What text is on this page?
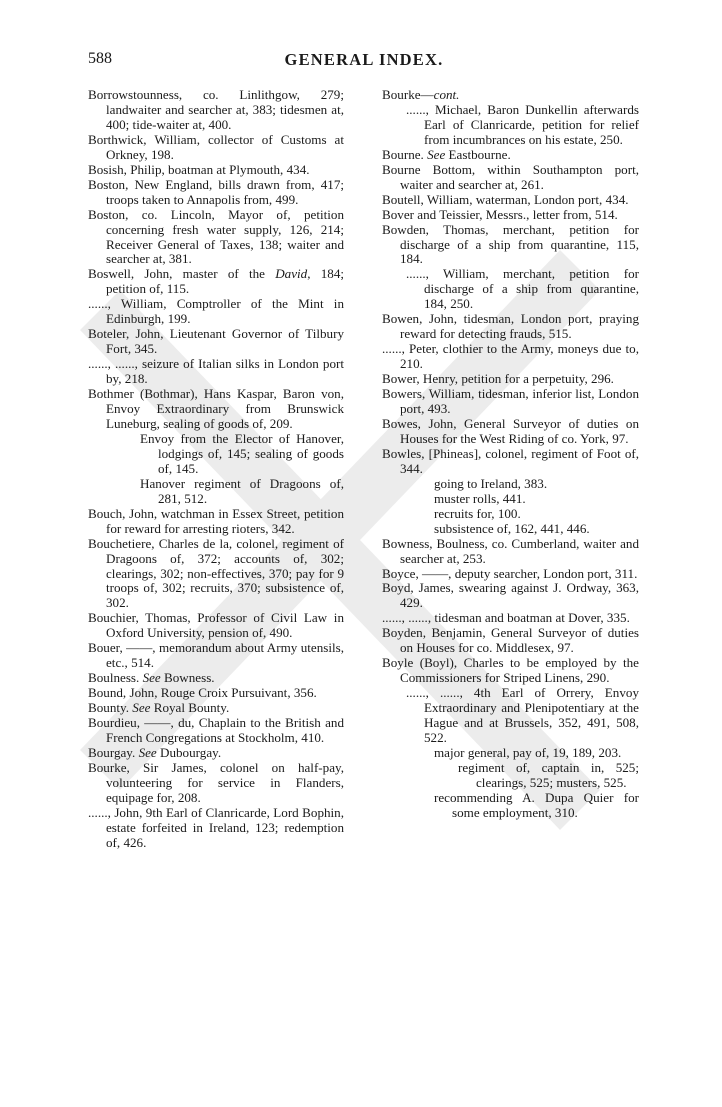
588	GENERAL INDEX.
Borrowstounness, co. Linlithgow, 279; landwaiter and searcher at, 383; tidesmen at, 400; tide-waiter at, 400.
Borthwick, William, collector of Customs at Orkney, 198.
Bosish, Philip, boatman at Plymouth, 434.
Boston, New England, bills drawn from, 417; troops taken to Annapolis from, 499.
Boston, co. Lincoln, Mayor of, petition concerning fresh water supply, 126, 214; Receiver General of Taxes, 138; waiter and searcher at, 381.
Boswell, John, master of the David, 184; petition of, 115.
......, William, Comptroller of the Mint in Edinburgh, 199.
Boteler, John, Lieutenant Governor of Tilbury Fort, 345.
......, ......, seizure of Italian silks in London port by, 218.
Bothmer (Bothmar), Hans Kaspar, Baron von, Envoy Extraordinary from Brunswick Luneburg, sealing of goods of, 209.
Envoy from the Elector of Hanover, lodgings of, 145; sealing of goods of, 145.
Hanover regiment of Dragoons of, 281, 512.
Bouch, John, watchman in Essex Street, petition for reward for arresting rioters, 342.
Bouchetiere, Charles de la, colonel, regiment of Dragoons of, 372; accounts of, 302; clearings, 302; non-effectives, 370; pay for 9 troops of, 302; recruits, 370; subsistence of, 302.
Bouchier, Thomas, Professor of Civil Law in Oxford University, pension of, 490.
Bouer, ——, memorandum about Army utensils, etc., 514.
Boulness. See Bowness.
Bound, John, Rouge Croix Pursuivant, 356.
Bounty. See Royal Bounty.
Bourdieu, ——, du, Chaplain to the British and French Congregations at Stockholm, 410.
Bourgay. See Dubourgay.
Bourke, Sir James, colonel on half-pay, volunteering for service in Flanders, equipage for, 208.
......, John, 9th Earl of Clanricarde, Lord Bophin, estate forfeited in Ireland, 123; redemption of, 426.
Bourke—cont.
......, Michael, Baron Dunkellin afterwards Earl of Clanricarde, petition for relief from incumbrances on his estate, 250.
Bourne. See Eastbourne.
Bourne Bottom, within Southampton port, waiter and searcher at, 261.
Boutell, William, waterman, London port, 434.
Bover and Teissier, Messrs., letter from, 514.
Bowden, Thomas, merchant, petition for discharge of a ship from quarantine, 115, 184.
......, William, merchant, petition for discharge of a ship from quarantine, 184, 250.
Bowen, John, tidesman, London port, praying reward for detecting frauds, 515.
......, Peter, clothier to the Army, moneys due to, 210.
Bower, Henry, petition for a perpetuity, 296.
Bowers, William, tidesman, inferior list, London port, 493.
Bowes, John, General Surveyor of duties on Houses for the West Riding of co. York, 97.
Bowles, [Phineas], colonel, regiment of Foot of, 344.
going to Ireland, 383.
muster rolls, 441.
recruits for, 100.
subsistence of, 162, 441, 446.
Bowness, Boulness, co. Cumberland, waiter and searcher at, 253.
Boyce, ——, deputy searcher, London port, 311.
Boyd, James, swearing against J. Ordway, 363, 429.
......, ......, tidesman and boatman at Dover, 335.
Boyden, Benjamin, General Surveyor of duties on Houses for co. Middlesex, 97.
Boyle (Boyl), Charles to be employed by the Commissioners for Striped Linens, 290.
......, ......, 4th Earl of Orrery, Envoy Extraordinary and Plenipotentiary at the Hague and at Brussels, 352, 491, 508, 522.
major general, pay of, 19, 189, 203.
regiment of, captain in, 525; clearings, 525; musters, 525.
recommending A. Dupa Quier for some employment, 310.
